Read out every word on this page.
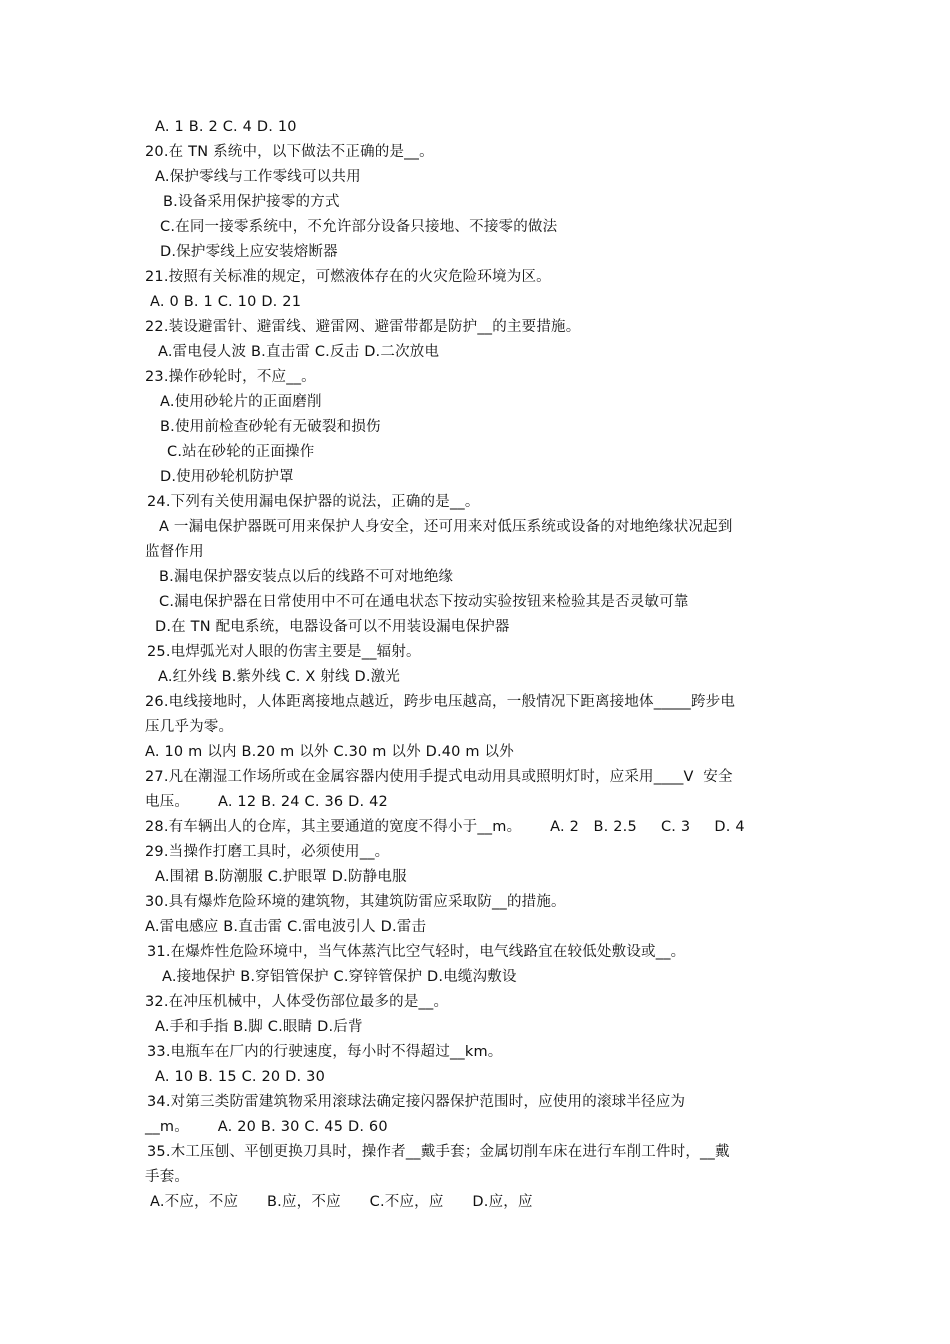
A. 1 B. 2 C. 4 D. 10
20.在 TN 系统中，以下做法不正确的是__。
A.保护零线与工作零线可以共用
B.设备采用保护接零的方式
C.在同一接零系统中，不允许部分设备只接地、不接零的做法
D.保护零线上应安装熔断器
21.按照有关标准的规定，可燃液体存在的火灾危险环境为区。
A. 0 B. 1 C. 10 D. 21
22.装设避雷针、避雷线、避雷网、避雷带都是防护__的主要措施。
A.雷电侵人波 B.直击雷 C.反击 D.二次放电
23.操作砂轮时，不应__。
A.使用砂轮片的正面磨削
B.使用前检查砂轮有无破裂和损伤
C.站在砂轮的正面操作
D.使用砂轮机防护罩
24.下列有关使用漏电保护器的说法，正确的是__。
A 一漏电保护器既可用来保护人身安全，还可用来对低压系统或设备的对地绝缘状况起到
监督作用
B.漏电保护器安装点以后的线路不可对地绝缘
C.漏电保护器在日常使用中不可在通电状态下按动实验按钮来检验其是否灵敏可靠
D.在 TN 配电系统，电器设备可以不用装设漏电保护器
25.电焊弧光对人眼的伤害主要是__辐射。
A.红外线 B.紫外线 C. X 射线 D.激光
26.电线接地时，人体距离接地点越近，跨步电压越高，一般情况下距离接地体_____跨步电
压几乎为零。
A. 10 m 以内 B.20 m 以外 C.30 m 以外 D.40 m 以外
27.凡在潮湿工作场所或在金属容器内使用手提式电动用具或照明灯时，应采用____V  安全
电压。      A. 12 B. 24 C. 36 D. 42
28.有车辆出人的仓库，其主要通道的宽度不得小于__m。      A. 2   B. 2.5     C. 3     D. 4
29.当操作打磨工具时，必须使用__。
A.围裙 B.防潮服 C.护眼罩 D.防静电服
30.具有爆炸危险环境的建筑物，其建筑防雷应采取防__的措施。
A.雷电感应 B.直击雷 C.雷电波引人 D.雷击
31.在爆炸性危险环境中，当气体蒸汽比空气轻时，电气线路宜在较低处敷设或__。
A.接地保护 B.穿铝管保护 C.穿锌管保护 D.电缆沟敷设
32.在冲压机械中，人体受伤部位最多的是__。
A.手和手指 B.脚 C.眼睛 D.后背
33.电瓶车在厂内的行驶速度，每小时不得超过__km。
A. 10 B. 15 C. 20 D. 30
34.对第三类防雷建筑物采用滚球法确定接闪器保护范围时，应使用的滚球半径应为
__m。      A. 20 B. 30 C. 45 D. 60
35.木工压刨、平刨更换刀具时，操作者__戴手套；金属切削车床在进行车削工件时，__戴
手套。
A.不应，不应      B.应，不应      C.不应，应      D.应，应
